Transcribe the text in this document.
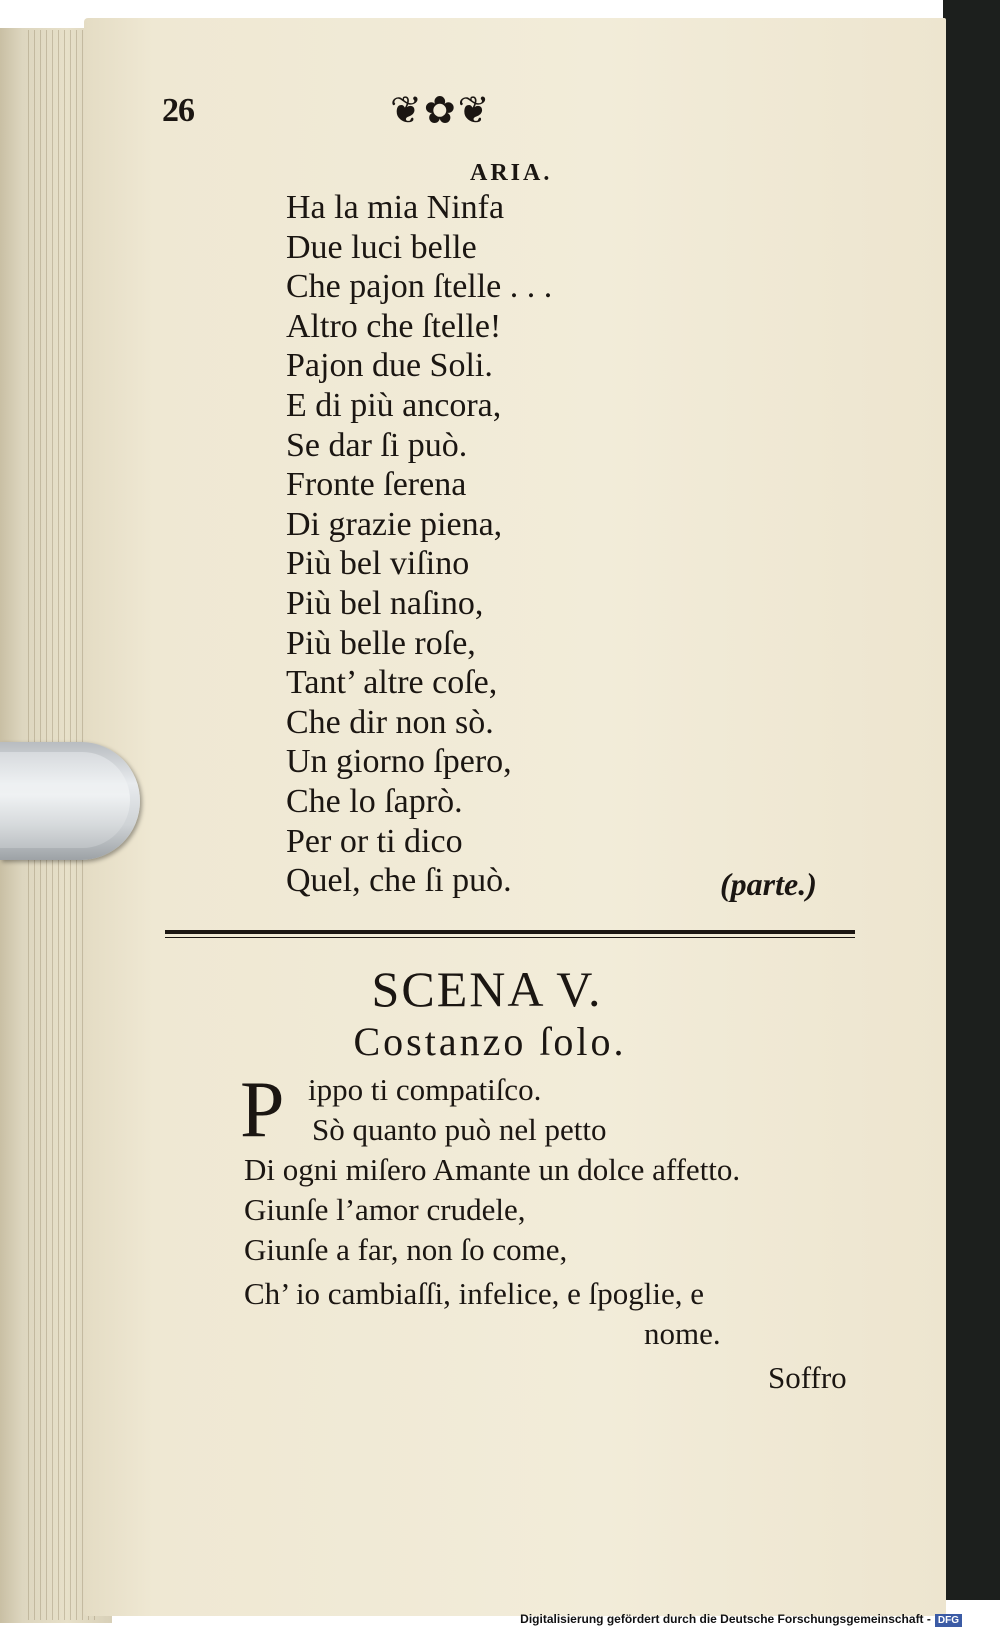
26	❦✿❦
ARIA.
Ha la mia Ninfa
Due luci belle
Che pajon ſtelle . . .
Altro che ſtelle!
Pajon due Soli.
E di più ancora,
Se dar ſi può.
Fronte ſerena
Di grazie piena,
Più bel viſino
Più bel naſino,
Più belle roſe,
Tant’ altre coſe,
Che dir non sò.
Un giorno ſpero,
Che lo ſaprò.
Per or ti dico
Quel, che ſi può.	(parte.)
SCENA V.
Costanzo ſolo.
P ippo ti compatiſco.
Sò quanto può nel petto
Di ogni miſero Amante un dolce affetto.
Giunſe l’amor crudele,
Giunſe a far, non ſo come,
Ch’ io cambiaſſi, infelice, e ſpoglie, e
nome.
Soffro
Digitalisierung gefördert durch die Deutsche Forschungsgemeinschaft - DFG
